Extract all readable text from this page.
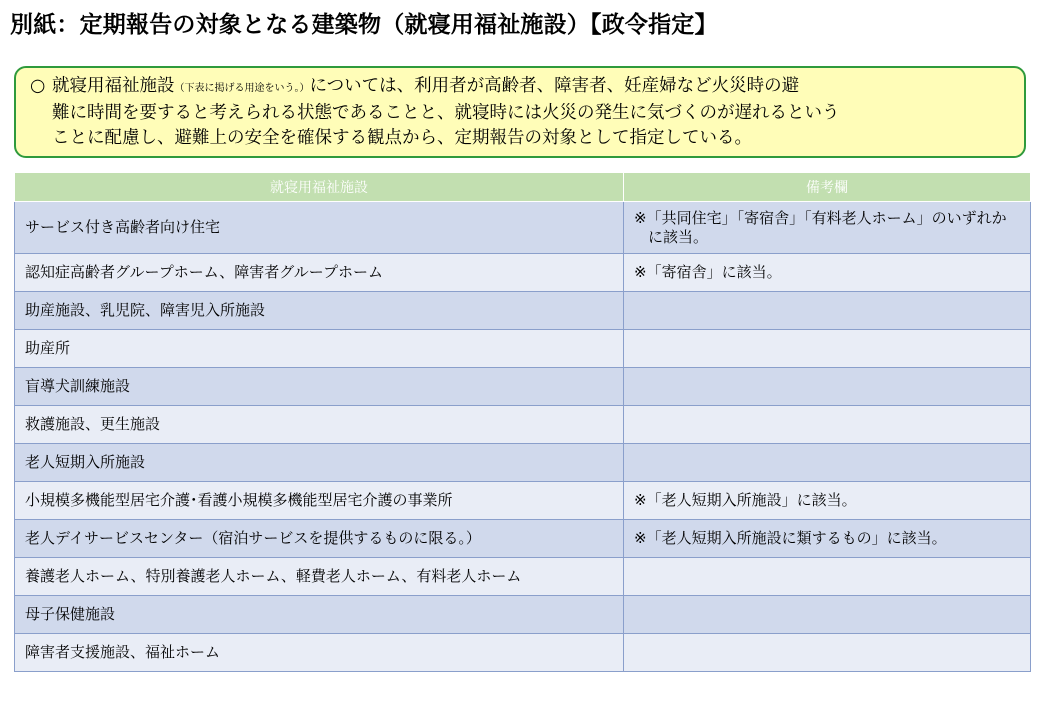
別紙：定期報告の対象となる建築物（就寝用福祉施設）【政令指定】
○ 就寝用福祉施設（下表に掲げる用途をいう。）については、利用者が高齢者、障害者、妊産婦など火災時の避
難に時間を要すると考えられる状態であることと、就寝時には火災の発生に気づくのが遅れるという
ことに配慮し、避難上の安全を確保する観点から、定期報告の対象として指定している。
就寝用福祉施設	備考欄
サービス付き高齢者向け住宅	※「共同住宅」「寄宿舎」「有料老人ホーム」のいずれかに該当。
認知症高齢者グループホーム、障害者グループホーム	※「寄宿舎」に該当。
助産施設、乳児院、障害児入所施設	
助産所	
盲導犬訓練施設	
救護施設、更生施設	
老人短期入所施設	
小規模多機能型居宅介護･看護小規模多機能型居宅介護の事業所	※「老人短期入所施設」に該当。
老人デイサービスセンター（宿泊サービスを提供するものに限る。）	※「老人短期入所施設に類するもの」に該当。
養護老人ホーム、特別養護老人ホーム、軽費老人ホーム、有料老人ホーム	
母子保健施設	
障害者支援施設、福祉ホーム	
